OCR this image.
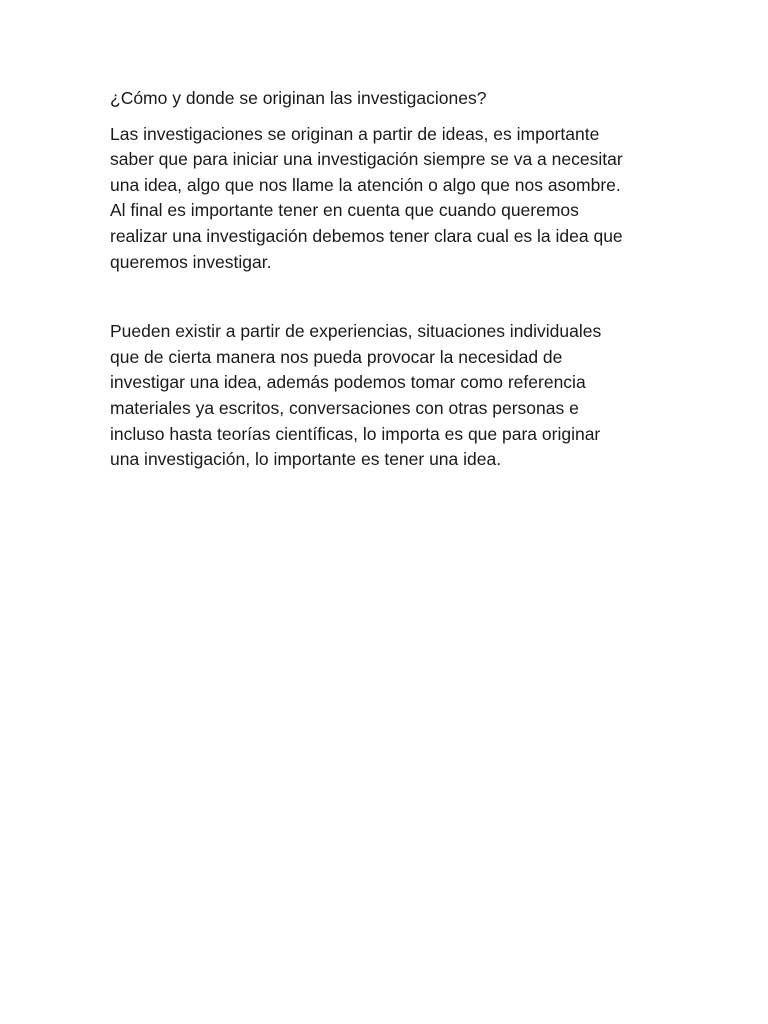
¿Cómo y donde se originan las investigaciones?

Las investigaciones se originan a partir de ideas, es importante
saber que para iniciar una investigación siempre se va a necesitar
una idea, algo que nos llame la atención o algo que nos asombre.
Al final es importante tener en cuenta que cuando queremos
realizar una investigación debemos tener clara cual es la idea que
queremos investigar.

Pueden existir a partir de experiencias, situaciones individuales
que de cierta manera nos pueda provocar la necesidad de
investigar una idea, además podemos tomar como referencia
materiales ya escritos, conversaciones con otras personas e
incluso hasta teorías científicas, lo importa es que para originar
una investigación, lo importante es tener una idea.
